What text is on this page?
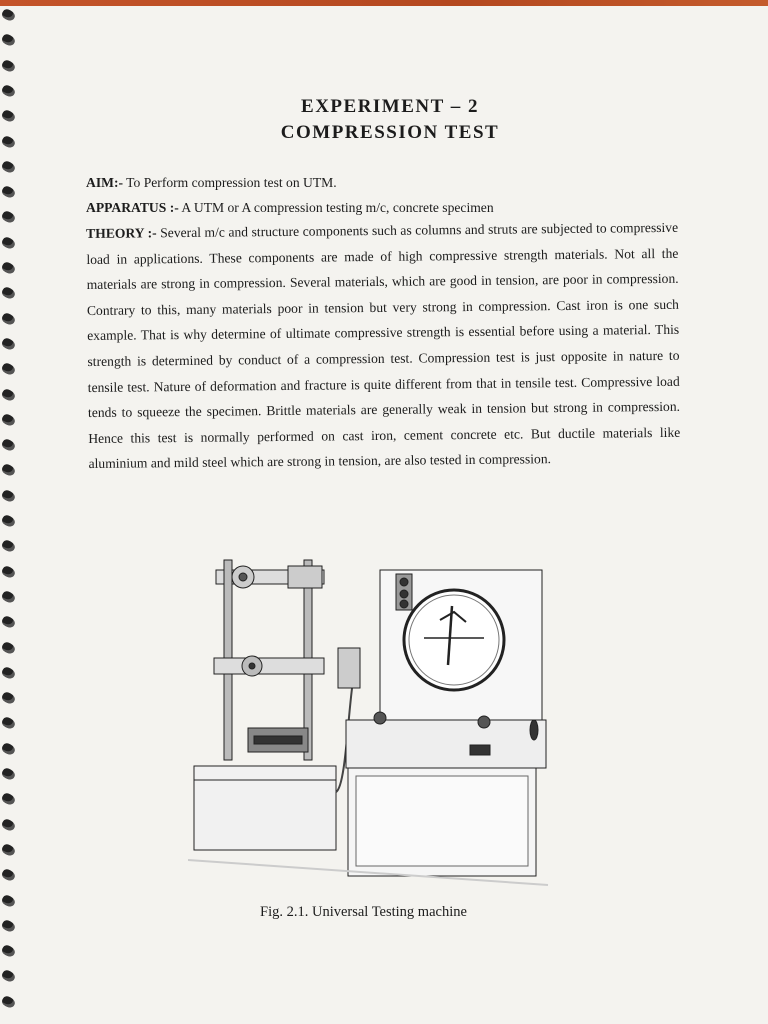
EXPERIMENT – 2
COMPRESSION TEST
AIM:- To Perform compression test on UTM.
APPARATUS :- A UTM or A compression testing m/c, concrete specimen
THEORY :- Several m/c and structure components such as columns and struts are subjected to compressive load in applications. These components are made of high compressive strength materials. Not all the materials are strong in compression. Several materials, which are good in tension, are poor in compression. Contrary to this, many materials poor in tension but very strong in compression. Cast iron is one such example. That is why determine of ultimate compressive strength is essential before using a material. This strength is determined by conduct of a compression test. Compression test is just opposite in nature to tensile test. Nature of deformation and fracture is quite different from that in tensile test. Compressive load tends to squeeze the specimen. Brittle materials are generally weak in tension but strong in compression. Hence this test is normally performed on cast iron, cement concrete etc. But ductile materials like aluminium and mild steel which are strong in tension, are also tested in compression.
Fig. 2.1. Universal Testing machine
